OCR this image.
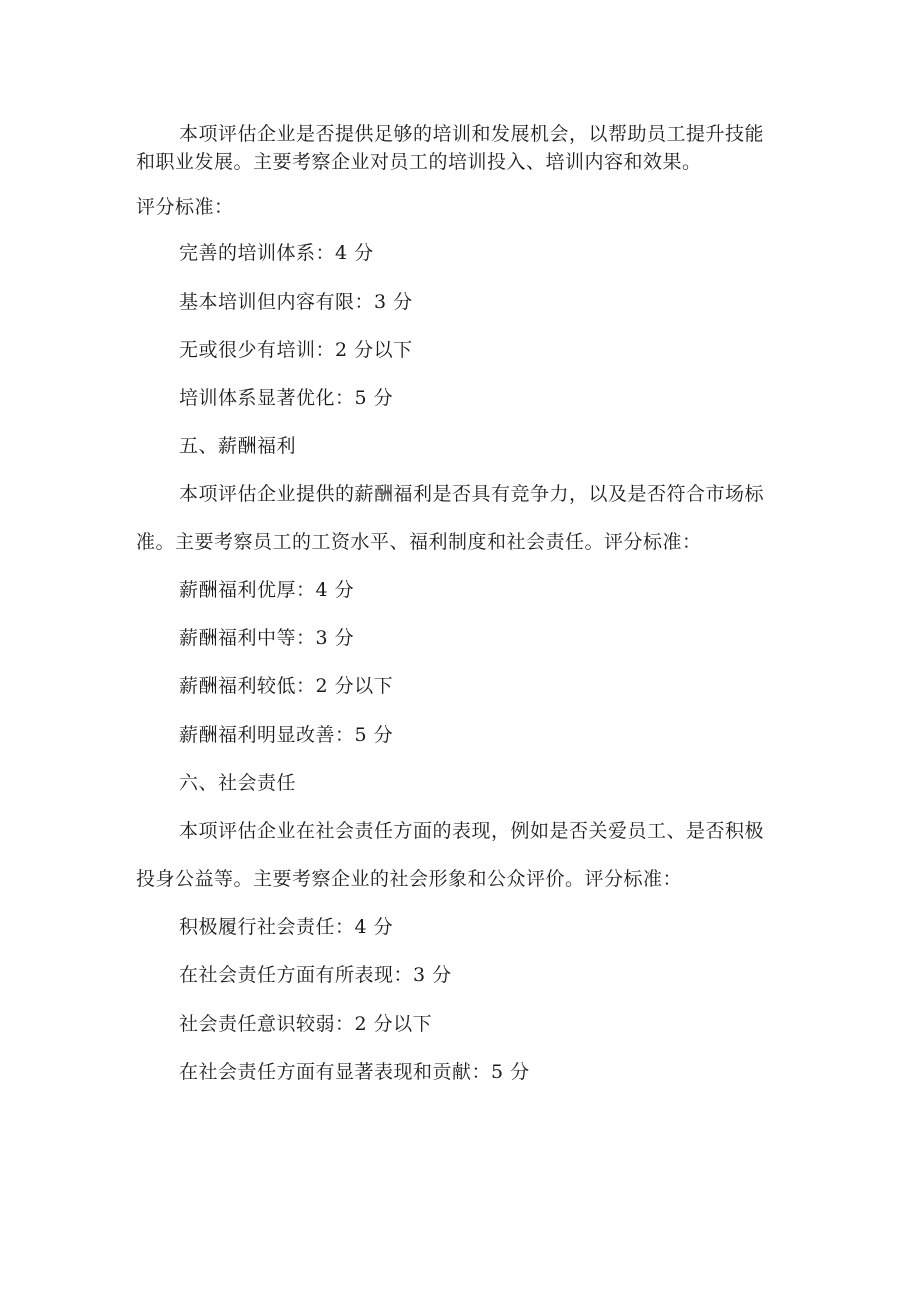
本项评估企业是否提供足够的培训和发展机会，以帮助员工提升技能
和职业发展。主要考察企业对员工的培训投入、培训内容和效果。
评分标准：
完善的培训体系：4 分
基本培训但内容有限：3 分
无或很少有培训：2 分以下
培训体系显著优化：5 分
五、薪酬福利
本项评估企业提供的薪酬福利是否具有竞争力，以及是否符合市场标
准。主要考察员工的工资水平、福利制度和社会责任。评分标准：
薪酬福利优厚：4 分
薪酬福利中等：3 分
薪酬福利较低：2 分以下
薪酬福利明显改善：5 分
六、社会责任
本项评估企业在社会责任方面的表现，例如是否关爱员工、是否积极
投身公益等。主要考察企业的社会形象和公众评价。评分标准：
积极履行社会责任：4 分
在社会责任方面有所表现：3 分
社会责任意识较弱：2 分以下
在社会责任方面有显著表现和贡献：5 分
